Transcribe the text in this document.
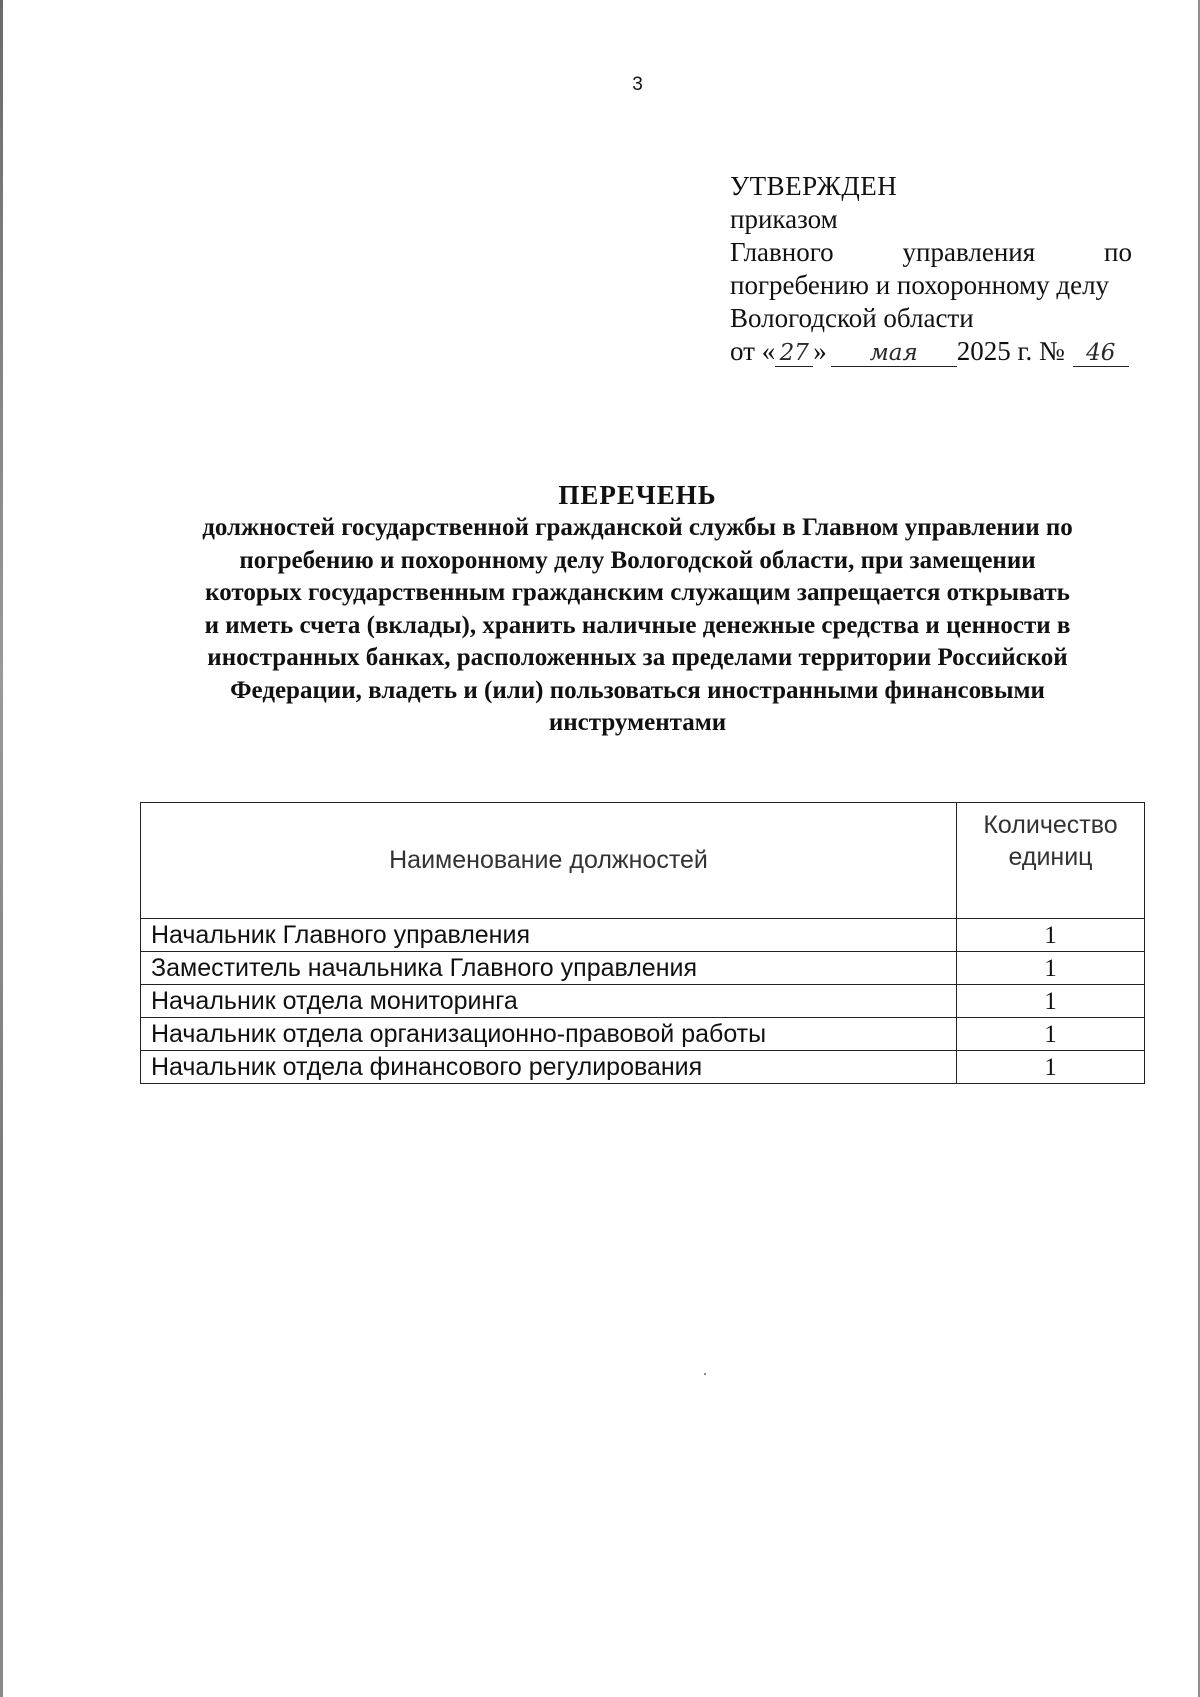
3
УТВЕРЖДЕН
приказом
Главного	управления	по
погребению и похоронному делу
Вологодской области
от « 27 » мая 2025 г. № 46
ПЕРЕЧЕНЬ
должностей государственной гражданской службы в Главном управлении по
погребению и похоронному делу Вологодской области, при замещении
которых государственным гражданским служащим запрещается открывать
и иметь счета (вклады), хранить наличные денежные средства и ценности в
иностранных банках, расположенных за пределами территории Российской
Федерации, владеть и (или) пользоваться иностранными финансовыми
инструментами
Наименование должностей	Количество
единиц

Начальник Главного управления	1
Заместитель начальника Главного управления	1
Начальник отдела мониторинга	1
Начальник отдела организационно-правовой работы	1
Начальник отдела финансового регулирования	1
